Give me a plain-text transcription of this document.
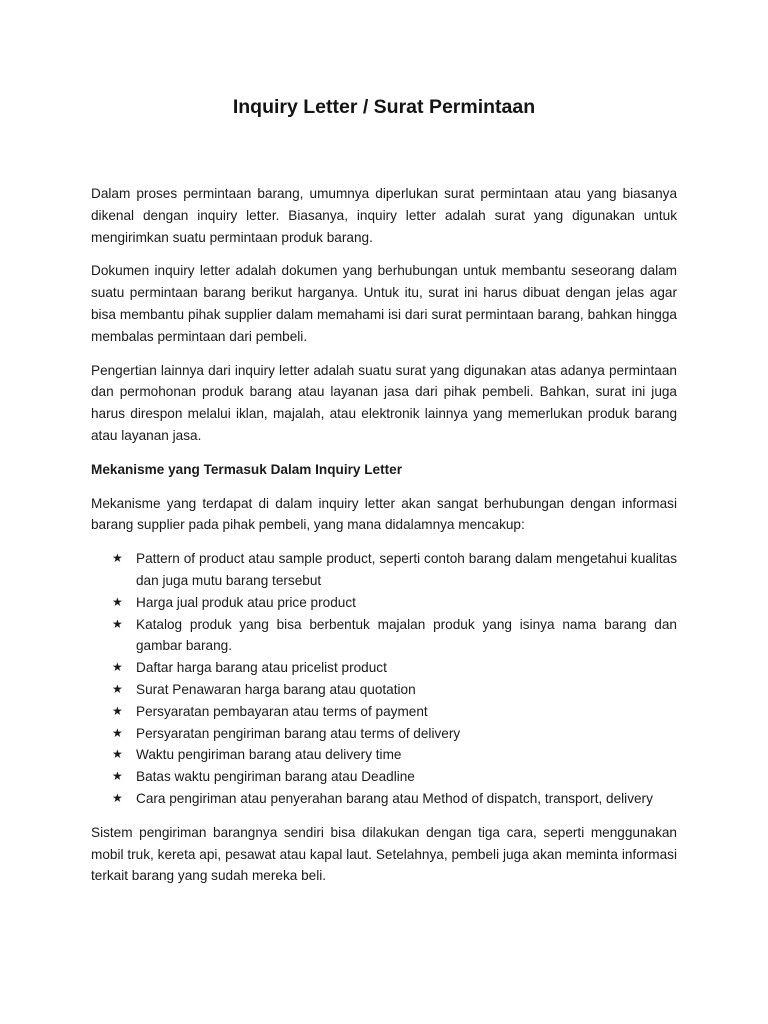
Inquiry Letter / Surat Permintaan

Dalam proses permintaan barang, umumnya diperlukan surat permintaan atau yang biasanya dikenal dengan inquiry letter. Biasanya, inquiry letter adalah surat yang digunakan untuk mengirimkan suatu permintaan produk barang.

Dokumen inquiry letter adalah dokumen yang berhubungan untuk membantu seseorang dalam suatu permintaan barang berikut harganya. Untuk itu, surat ini harus dibuat dengan jelas agar bisa membantu pihak supplier dalam memahami isi dari surat permintaan barang, bahkan hingga membalas permintaan dari pembeli.

Pengertian lainnya dari inquiry letter adalah suatu surat yang digunakan atas adanya permintaan dan permohonan produk barang atau layanan jasa dari pihak pembeli. Bahkan, surat ini juga harus direspon melalui iklan, majalah, atau elektronik lainnya yang memerlukan produk barang atau layanan jasa.

Mekanisme yang Termasuk Dalam Inquiry Letter

Mekanisme yang terdapat di dalam inquiry letter akan sangat berhubungan dengan informasi barang supplier pada pihak pembeli, yang mana didalamnya mencakup:

★ Pattern of product atau sample product, seperti contoh barang dalam mengetahui kualitas dan juga mutu barang tersebut
★ Harga jual produk atau price product
★ Katalog produk yang bisa berbentuk majalan produk yang isinya nama barang dan gambar barang.
★ Daftar harga barang atau pricelist product
★ Surat Penawaran harga barang atau quotation
★ Persyaratan pembayaran atau terms of payment
★ Persyaratan pengiriman barang atau terms of delivery
★ Waktu pengiriman barang atau delivery time
★ Batas waktu pengiriman barang atau Deadline
★ Cara pengiriman atau penyerahan barang atau Method of dispatch, transport, delivery

Sistem pengiriman barangnya sendiri bisa dilakukan dengan tiga cara, seperti menggunakan mobil truk, kereta api, pesawat atau kapal laut. Setelahnya, pembeli juga akan meminta informasi terkait barang yang sudah mereka beli.
